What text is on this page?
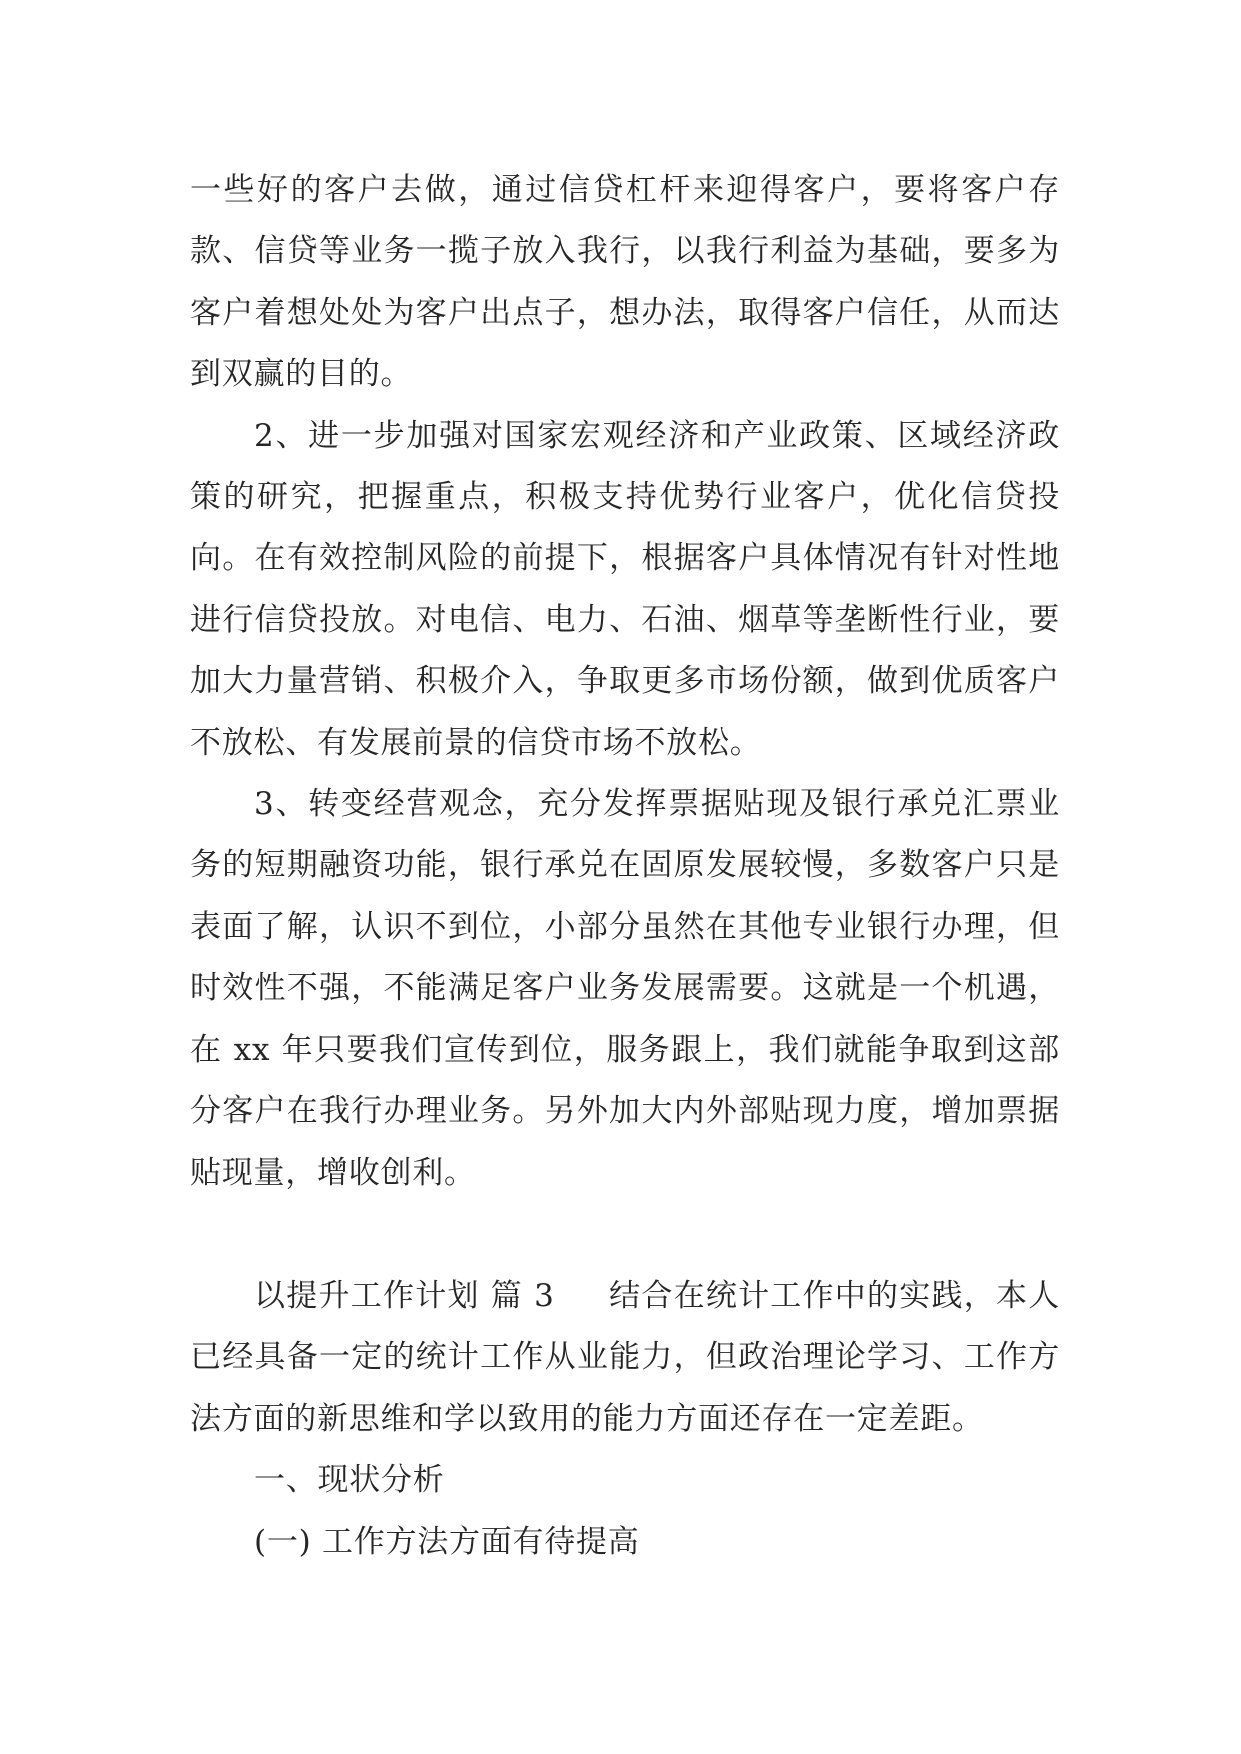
一些好的客户去做，通过信贷杠杆来迎得客户，要将客户存款、信贷等业务一揽子放入我行，以我行利益为基础，要多为客户着想处处为客户出点子，想办法，取得客户信任，从而达到双赢的目的。

2、进一步加强对国家宏观经济和产业政策、区域经济政策的研究，把握重点，积极支持优势行业客户，优化信贷投向。在有效控制风险的前提下，根据客户具体情况有针对性地进行信贷投放。对电信、电力、石油、烟草等垄断性行业，要加大力量营销、积极介入，争取更多市场份额，做到优质客户不放松、有发展前景的信贷市场不放松。

3、转变经营观念，充分发挥票据贴现及银行承兑汇票业务的短期融资功能，银行承兑在固原发展较慢，多数客户只是表面了解，认识不到位，小部分虽然在其他专业银行办理，但时效性不强，不能满足客户业务发展需要。这就是一个机遇，在 xx 年只要我们宣传到位，服务跟上，我们就能争取到这部分客户在我行办理业务。另外加大内外部贴现力度，增加票据贴现量，增收创利。

以提升工作计划 篇 3 结合在统计工作中的实践，本人已经具备一定的统计工作从业能力，但政治理论学习、工作方法方面的新思维和学以致用的能力方面还存在一定差距。

一、现状分析

(一) 工作方法方面有待提高
